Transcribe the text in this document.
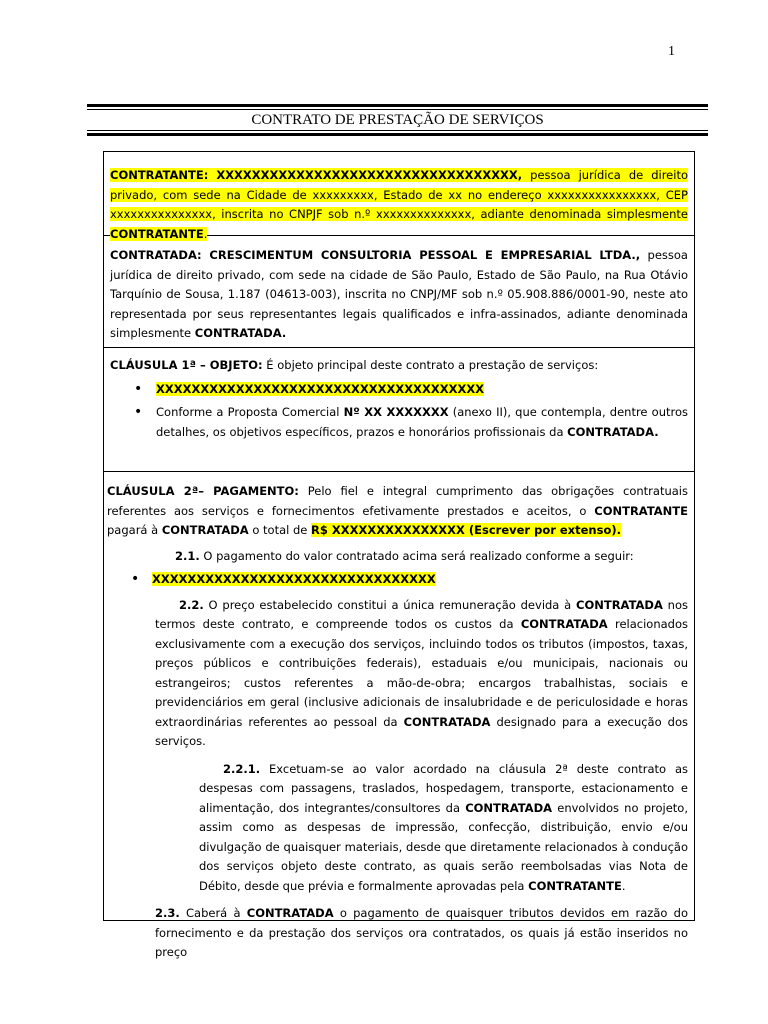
1
CONTRATO DE PRESTAÇÃO DE SERVIÇOS

CONTRATANTE: XXXXXXXXXXXXXXXXXXXXXXXXXXXXXXXXXX, pessoa jurídica de direito privado, com sede na Cidade de xxxxxxxxx, Estado de xx no endereço xxxxxxxxxxxxxxxx, CEP xxxxxxxxxxxxxxx, inscrita no CNPJF sob n.º xxxxxxxxxxxxxx, adiante denominada simplesmente CONTRATANTE.

CONTRATADA: CRESCIMENTUM CONSULTORIA PESSOAL E EMPRESARIAL LTDA., pessoa jurídica de direito privado, com sede na cidade de São Paulo, Estado de São Paulo, na Rua Otávio Tarquínio de Sousa, 1.187 (04613-003), inscrita no CNPJ/MF sob n.º 05.908.886/0001-90, neste ato representada por seus representantes legais qualificados e infra-assinados, adiante denominada simplesmente CONTRATADA.

CLÁUSULA 1ª – OBJETO: É objeto principal deste contrato a prestação de serviços:

• XXXXXXXXXXXXXXXXXXXXXXXXXXXXXXXXXXXXX
• Conforme a Proposta Comercial Nº XX XXXXXXX (anexo II), que contempla, dentre outros detalhes, os objetivos específicos, prazos e honorários profissionais da CONTRATADA.

CLÁUSULA 2ª– PAGAMENTO: Pelo fiel e integral cumprimento das obrigações contratuais referentes aos serviços e fornecimentos efetivamente prestados e aceitos, o CONTRATANTE pagará à CONTRATADA o total de R$ XXXXXXXXXXXXXXX (Escrever por extenso).

2.1. O pagamento do valor contratado acima será realizado conforme a seguir:
• XXXXXXXXXXXXXXXXXXXXXXXXXXXXXXXX

2.2. O preço estabelecido constitui a única remuneração devida à CONTRATADA nos termos deste contrato, e compreende todos os custos da CONTRATADA relacionados exclusivamente com a execução dos serviços, incluindo todos os tributos (impostos, taxas, preços públicos e contribuições federais), estaduais e/ou municipais, nacionais ou estrangeiros; custos referentes a mão-de-obra; encargos trabalhistas, sociais e previdenciários em geral (inclusive adicionais de insalubridade e de periculosidade e horas extraordinárias referentes ao pessoal da CONTRATADA designado para a execução dos serviços.

2.2.1. Excetuam-se ao valor acordado na cláusula 2ª deste contrato as despesas com passagens, traslados, hospedagem, transporte, estacionamento e alimentação, dos integrantes/consultores da CONTRATADA envolvidos no projeto, assim como as despesas de impressão, confecção, distribuição, envio e/ou divulgação de quaisquer materiais, desde que diretamente relacionados à condução dos serviços objeto deste contrato, as quais serão reembolsadas vias Nota de Débito, desde que prévia e formalmente aprovadas pela CONTRATANTE.

2.3. Caberá à CONTRATADA o pagamento de quaisquer tributos devidos em razão do fornecimento e da prestação dos serviços ora contratados, os quais já estão inseridos no preço
